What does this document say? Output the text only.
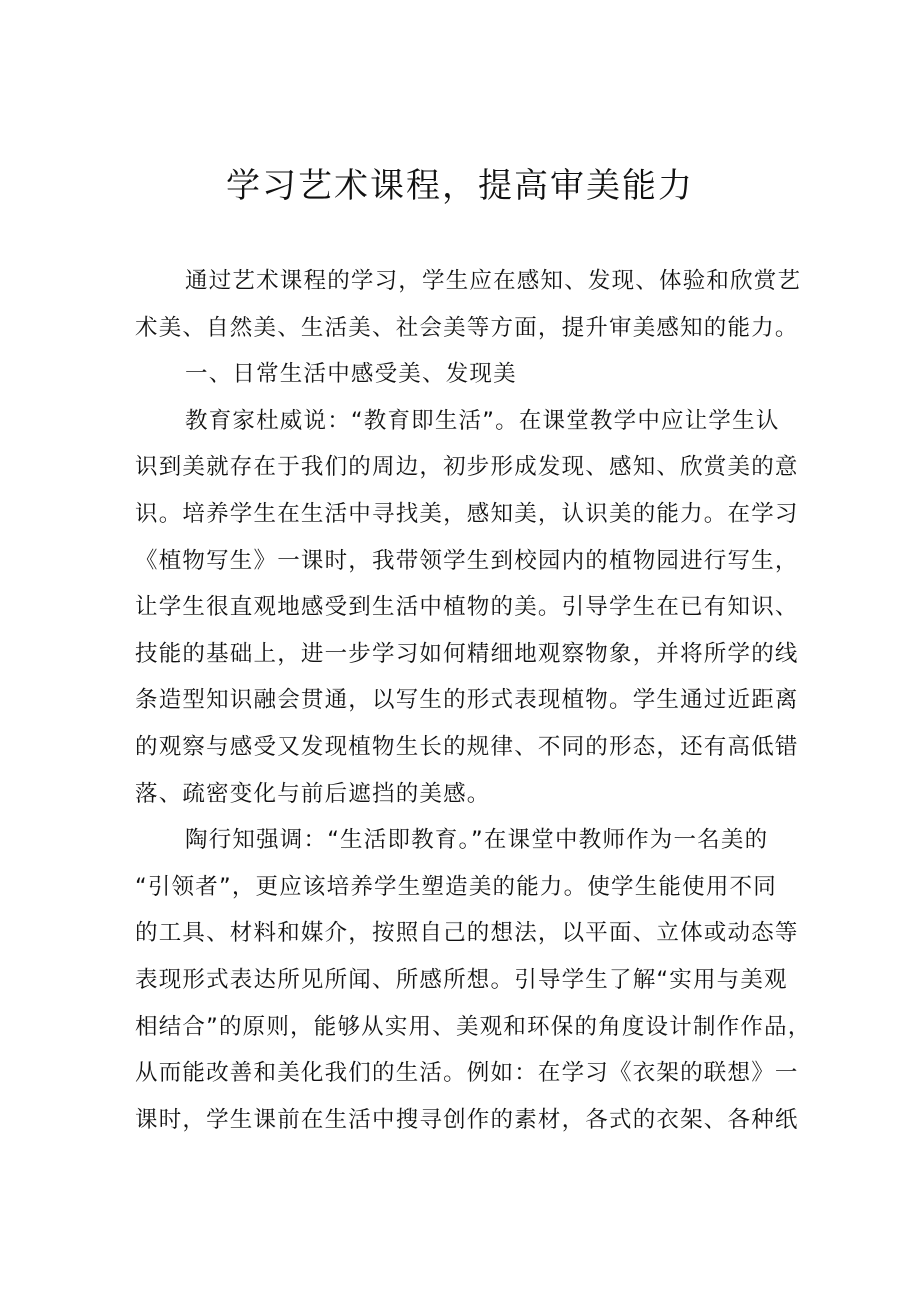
学习艺术课程，提高审美能力
通过艺术课程的学习，学生应在感知、发现、体验和欣赏艺
术美、自然美、生活美、社会美等方面，提升审美感知的能力。
一、日常生活中感受美、发现美
教育家杜威说：“教育即生活”。在课堂教学中应让学生认
识到美就存在于我们的周边，初步形成发现、感知、欣赏美的意
识。培养学生在生活中寻找美，感知美，认识美的能力。在学习
《植物写生》一课时，我带领学生到校园内的植物园进行写生，
让学生很直观地感受到生活中植物的美。引导学生在已有知识、
技能的基础上，进一步学习如何精细地观察物象，并将所学的线
条造型知识融会贯通，以写生的形式表现植物。学生通过近距离
的观察与感受又发现植物生长的规律、不同的形态，还有高低错
落、疏密变化与前后遮挡的美感。
陶行知强调：“生活即教育。”在课堂中教师作为一名美的
“引领者”，更应该培养学生塑造美的能力。使学生能使用不同
的工具、材料和媒介，按照自己的想法，以平面、立体或动态等
表现形式表达所见所闻、所感所想。引导学生了解“实用与美观
相结合”的原则，能够从实用、美观和环保的角度设计制作作品，
从而能改善和美化我们的生活。例如：在学习《衣架的联想》一
课时，学生课前在生活中搜寻创作的素材，各式的衣架、各种纸
